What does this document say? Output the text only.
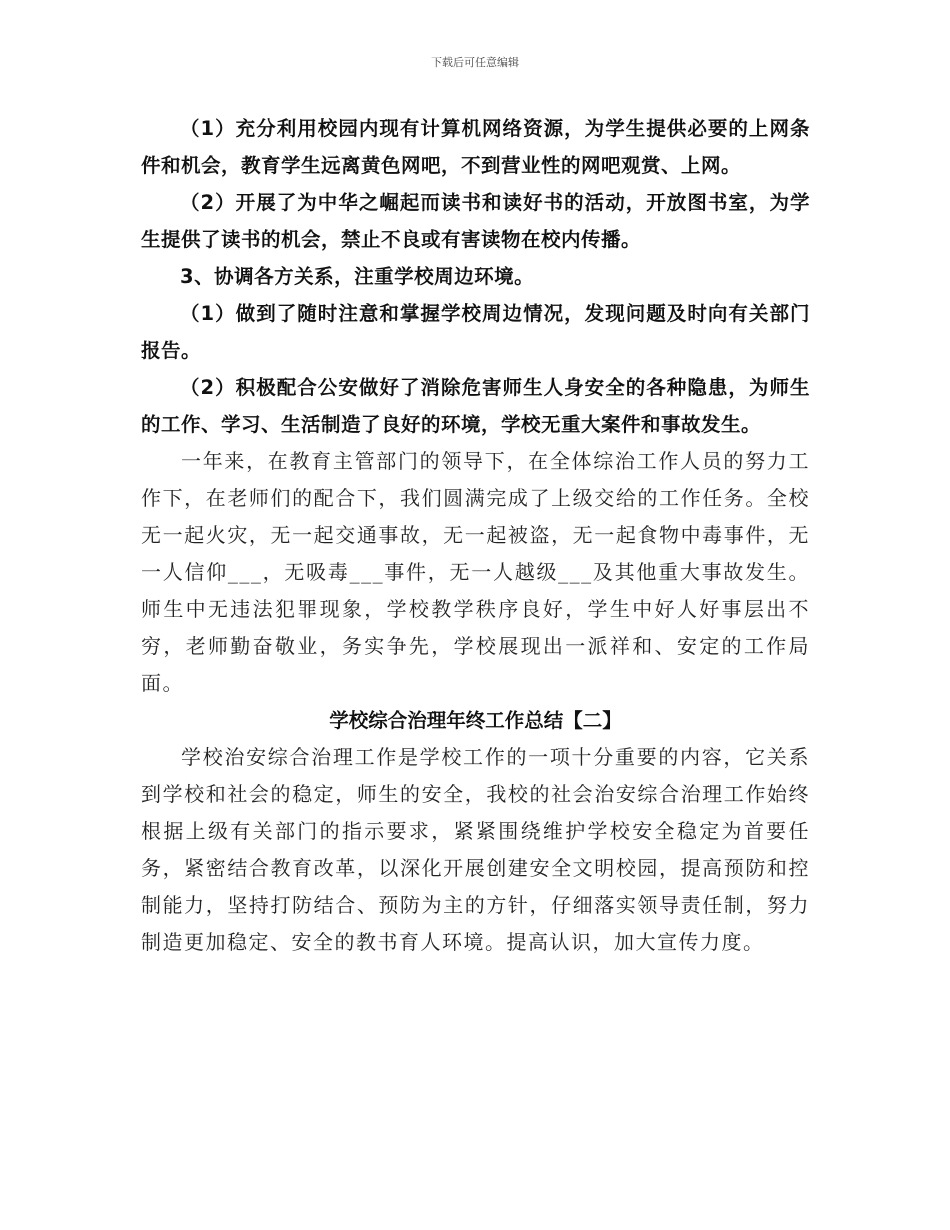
下载后可任意编辑

（1）充分利用校园内现有计算机网络资源，为学生提供必要的上网条件和机会，教育学生远离黄色网吧，不到营业性的网吧观赏、上网。

（2）开展了为中华之崛起而读书和读好书的活动，开放图书室，为学生提供了读书的机会，禁止不良或有害读物在校内传播。

3、协调各方关系，注重学校周边环境。

（1）做到了随时注意和掌握学校周边情况，发现问题及时向有关部门报告。

（2）积极配合公安做好了消除危害师生人身安全的各种隐患，为师生的工作、学习、生活制造了良好的环境，学校无重大案件和事故发生。

一年来，在教育主管部门的领导下，在全体综治工作人员的努力工作下，在老师们的配合下，我们圆满完成了上级交给的工作任务。全校无一起火灾，无一起交通事故，无一起被盗，无一起食物中毒事件，无一人信仰___，无吸毒___事件，无一人越级___及其他重大事故发生。师生中无违法犯罪现象，学校教学秩序良好，学生中好人好事层出不穷，老师勤奋敬业，务实争先，学校展现出一派祥和、安定的工作局面。

学校综合治理年终工作总结【二】

学校治安综合治理工作是学校工作的一项十分重要的内容，它关系到学校和社会的稳定，师生的安全，我校的社会治安综合治理工作始终根据上级有关部门的指示要求，紧紧围绕维护学校安全稳定为首要任务，紧密结合教育改革，以深化开展创建安全文明校园，提高预防和控制能力，坚持打防结合、预防为主的方针，仔细落实领导责任制，努力制造更加稳定、安全的教书育人环境。提高认识，加大宣传力度。
